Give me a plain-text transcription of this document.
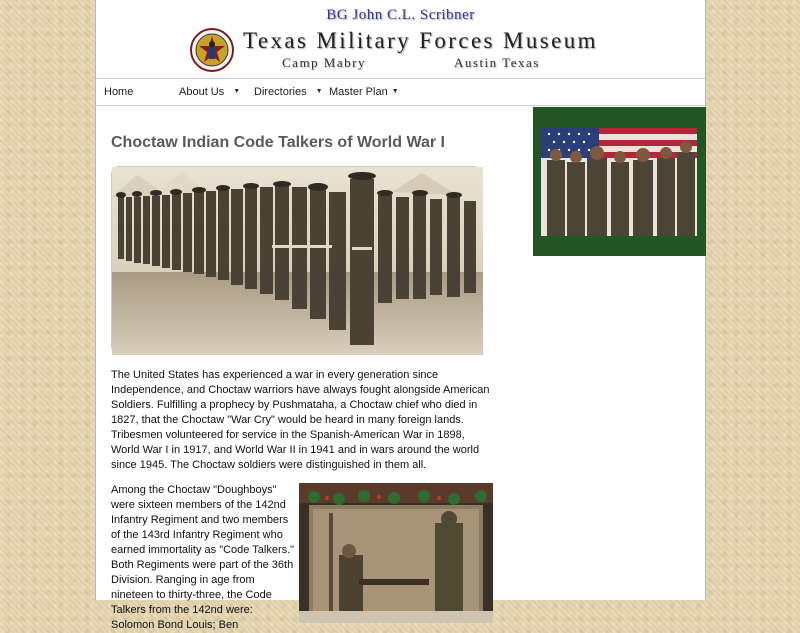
BG John C.L. Scribner
Texas Military Forces Museum
Camp Mabry	Austin Texas
Home	About Us ▼ Directories ▼ Master Plan ▼
Choctaw Indian Code Talkers of World War I

The United States has experienced a war in every generation since Independence, and Choctaw warriors have always fought alongside American Soldiers. Fulfilling a prophecy by Pushmataha, a Choctaw chief who died in 1827, that the Choctaw "War Cry" would be heard in many foreign lands. Tribesmen volunteered for service in the Spanish-American War in 1898, World War I in 1917, and World War II in 1941 and in wars around the world since 1945. The Choctaw soldiers were distinguished in them all.

Among the Choctaw "Doughboys" were sixteen members of the 142nd Infantry Regiment and two members of the 143rd Infantry Regiment who earned immortality as "Code Talkers." Both Regiments were part of the 36th Division. Ranging in age from nineteen to thirty-three, the Code Talkers from the 142nd were: Solomon Bond Louis; Ben
